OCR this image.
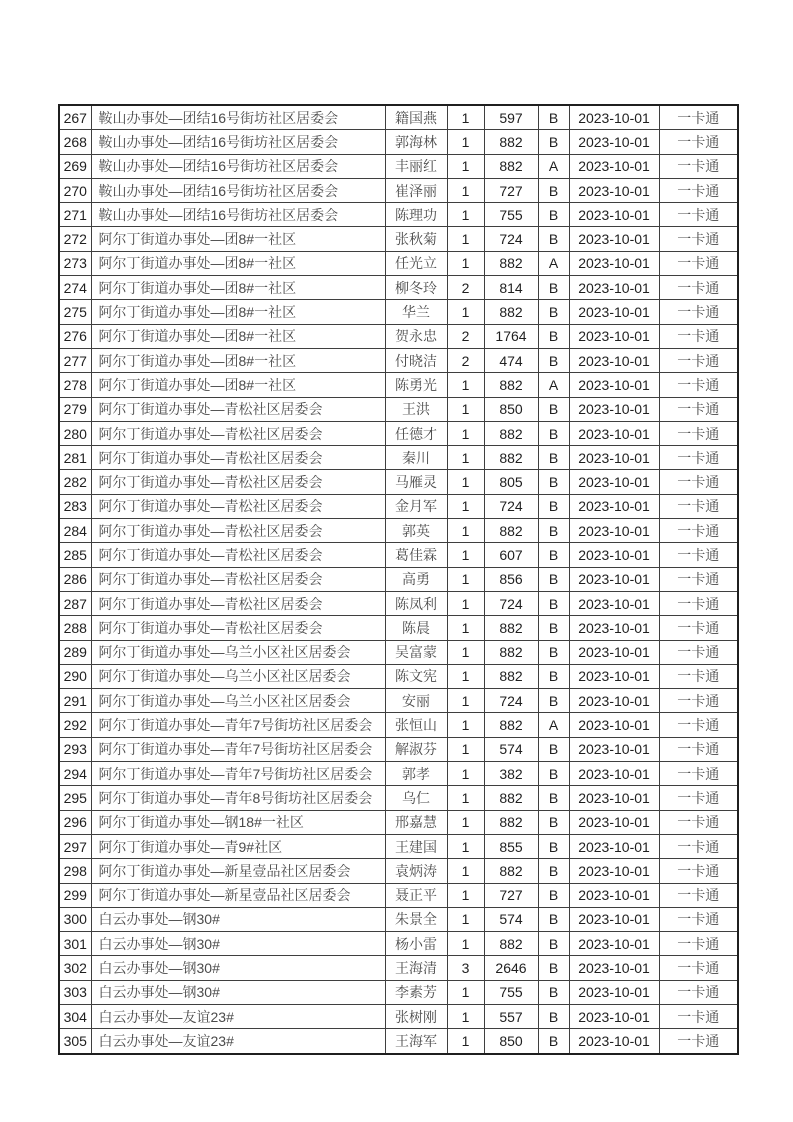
267	鞍山办事处—团结16号街坊社区居委会	籍国燕	1	597	B	2023-10-01	一卡通
268	鞍山办事处—团结16号街坊社区居委会	郭海林	1	882	B	2023-10-01	一卡通
269	鞍山办事处—团结16号街坊社区居委会	丰丽红	1	882	A	2023-10-01	一卡通
270	鞍山办事处—团结16号街坊社区居委会	崔泽丽	1	727	B	2023-10-01	一卡通
271	鞍山办事处—团结16号街坊社区居委会	陈理功	1	755	B	2023-10-01	一卡通
272	阿尔丁街道办事处—团8#一社区	张秋菊	1	724	B	2023-10-01	一卡通
273	阿尔丁街道办事处—团8#一社区	任光立	1	882	A	2023-10-01	一卡通
274	阿尔丁街道办事处—团8#一社区	柳冬玲	2	814	B	2023-10-01	一卡通
275	阿尔丁街道办事处—团8#一社区	华兰	1	882	B	2023-10-01	一卡通
276	阿尔丁街道办事处—团8#一社区	贺永忠	2	1764	B	2023-10-01	一卡通
277	阿尔丁街道办事处—团8#一社区	付晓洁	2	474	B	2023-10-01	一卡通
278	阿尔丁街道办事处—团8#一社区	陈勇光	1	882	A	2023-10-01	一卡通
279	阿尔丁街道办事处—青松社区居委会	王洪	1	850	B	2023-10-01	一卡通
280	阿尔丁街道办事处—青松社区居委会	任德才	1	882	B	2023-10-01	一卡通
281	阿尔丁街道办事处—青松社区居委会	秦川	1	882	B	2023-10-01	一卡通
282	阿尔丁街道办事处—青松社区居委会	马雁灵	1	805	B	2023-10-01	一卡通
283	阿尔丁街道办事处—青松社区居委会	金月军	1	724	B	2023-10-01	一卡通
284	阿尔丁街道办事处—青松社区居委会	郭英	1	882	B	2023-10-01	一卡通
285	阿尔丁街道办事处—青松社区居委会	葛佳霖	1	607	B	2023-10-01	一卡通
286	阿尔丁街道办事处—青松社区居委会	高勇	1	856	B	2023-10-01	一卡通
287	阿尔丁街道办事处—青松社区居委会	陈凤利	1	724	B	2023-10-01	一卡通
288	阿尔丁街道办事处—青松社区居委会	陈晨	1	882	B	2023-10-01	一卡通
289	阿尔丁街道办事处—乌兰小区社区居委会	吴富蒙	1	882	B	2023-10-01	一卡通
290	阿尔丁街道办事处—乌兰小区社区居委会	陈文宪	1	882	B	2023-10-01	一卡通
291	阿尔丁街道办事处—乌兰小区社区居委会	安丽	1	724	B	2023-10-01	一卡通
292	阿尔丁街道办事处—青年7号街坊社区居委会	张恒山	1	882	A	2023-10-01	一卡通
293	阿尔丁街道办事处—青年7号街坊社区居委会	解淑芬	1	574	B	2023-10-01	一卡通
294	阿尔丁街道办事处—青年7号街坊社区居委会	郭孝	1	382	B	2023-10-01	一卡通
295	阿尔丁街道办事处—青年8号街坊社区居委会	乌仁	1	882	B	2023-10-01	一卡通
296	阿尔丁街道办事处—钢18#一社区	邢嘉慧	1	882	B	2023-10-01	一卡通
297	阿尔丁街道办事处—青9#社区	王建国	1	855	B	2023-10-01	一卡通
298	阿尔丁街道办事处—新星壹品社区居委会	袁炳涛	1	882	B	2023-10-01	一卡通
299	阿尔丁街道办事处—新星壹品社区居委会	聂正平	1	727	B	2023-10-01	一卡通
300	白云办事处—钢30#	朱景全	1	574	B	2023-10-01	一卡通
301	白云办事处—钢30#	杨小雷	1	882	B	2023-10-01	一卡通
302	白云办事处—钢30#	王海清	3	2646	B	2023-10-01	一卡通
303	白云办事处—钢30#	李素芳	1	755	B	2023-10-01	一卡通
304	白云办事处—友谊23#	张树刚	1	557	B	2023-10-01	一卡通
305	白云办事处—友谊23#	王海军	1	850	B	2023-10-01	一卡通
